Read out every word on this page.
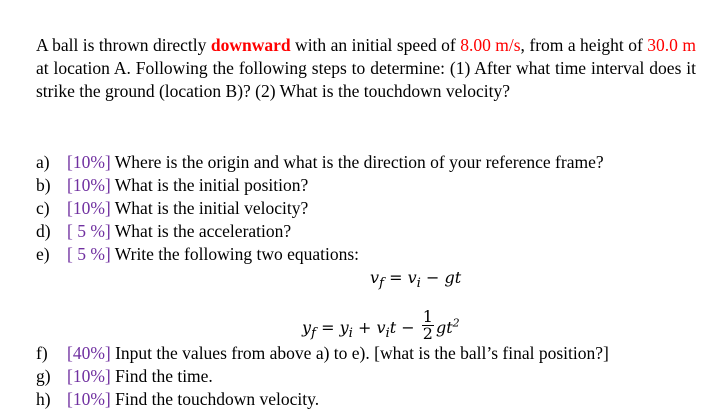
A ball is thrown directly downward with an initial speed of 8.00 m/s, from a height of 30.0 m at location A. Following the following steps to determine: (1) After what time interval does it strike the ground (location B)? (2) What is the touchdown velocity?
a) [10%] Where is the origin and what is the direction of your reference frame?
b) [10%] What is the initial position?
c) [10%] What is the initial velocity?
d) [ 5 %] What is the acceleration?
e) [ 5 %] Write the following two equations:
$v_f = v_i$ − gt
$y_f = y_i + v_it - \frac{1}{2} gt^2$
f)	[40%] Input the values from above a) to e). [what is the ball’s final position?]
g) [10%] Find the time.
h) [10%] Find the touchdown velocity.
